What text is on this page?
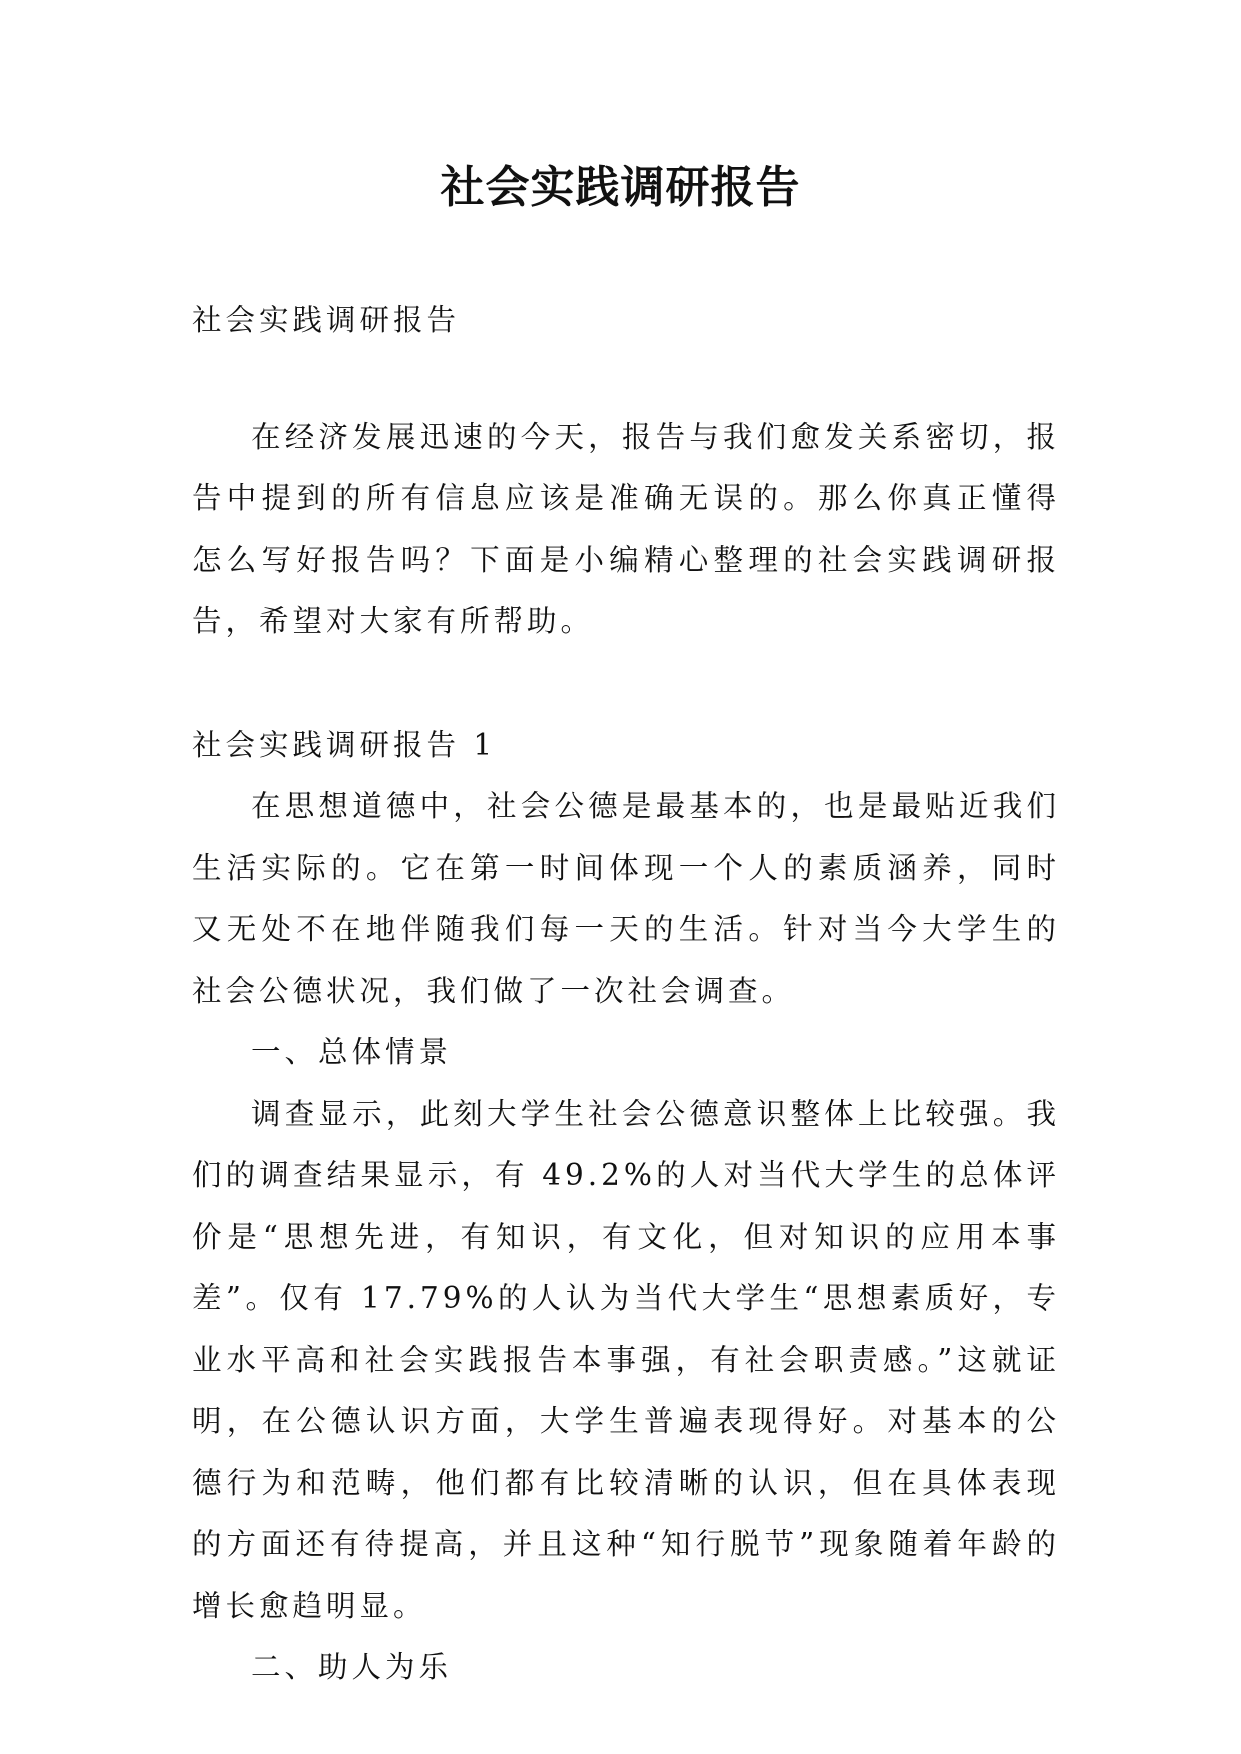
社会实践调研报告

社会实践调研报告

在经济发展迅速的今天，报告与我们愈发关系密切，报告中提到的所有信息应该是准确无误的。那么你真正懂得怎么写好报告吗？下面是小编精心整理的社会实践调研报告，希望对大家有所帮助。

社会实践调研报告 1

在思想道德中，社会公德是最基本的，也是最贴近我们生活实际的。它在第一时间体现一个人的素质涵养，同时又无处不在地伴随我们每一天的生活。针对当今大学生的社会公德状况，我们做了一次社会调查。

一、总体情景

调查显示，此刻大学生社会公德意识整体上比较强。我们的调查结果显示，有 49.2%的人对当代大学生的总体评价是“思想先进，有知识，有文化，但对知识的应用本事差”。仅有 17.79%的人认为当代大学生“思想素质好，专业水平高和社会实践报告本事强，有社会职责感。”这就证明，在公德认识方面，大学生普遍表现得好。对基本的公德行为和范畴，他们都有比较清晰的认识，但在具体表现的方面还有待提高，并且这种“知行脱节”现象随着年龄的增长愈趋明显。

二、助人为乐
